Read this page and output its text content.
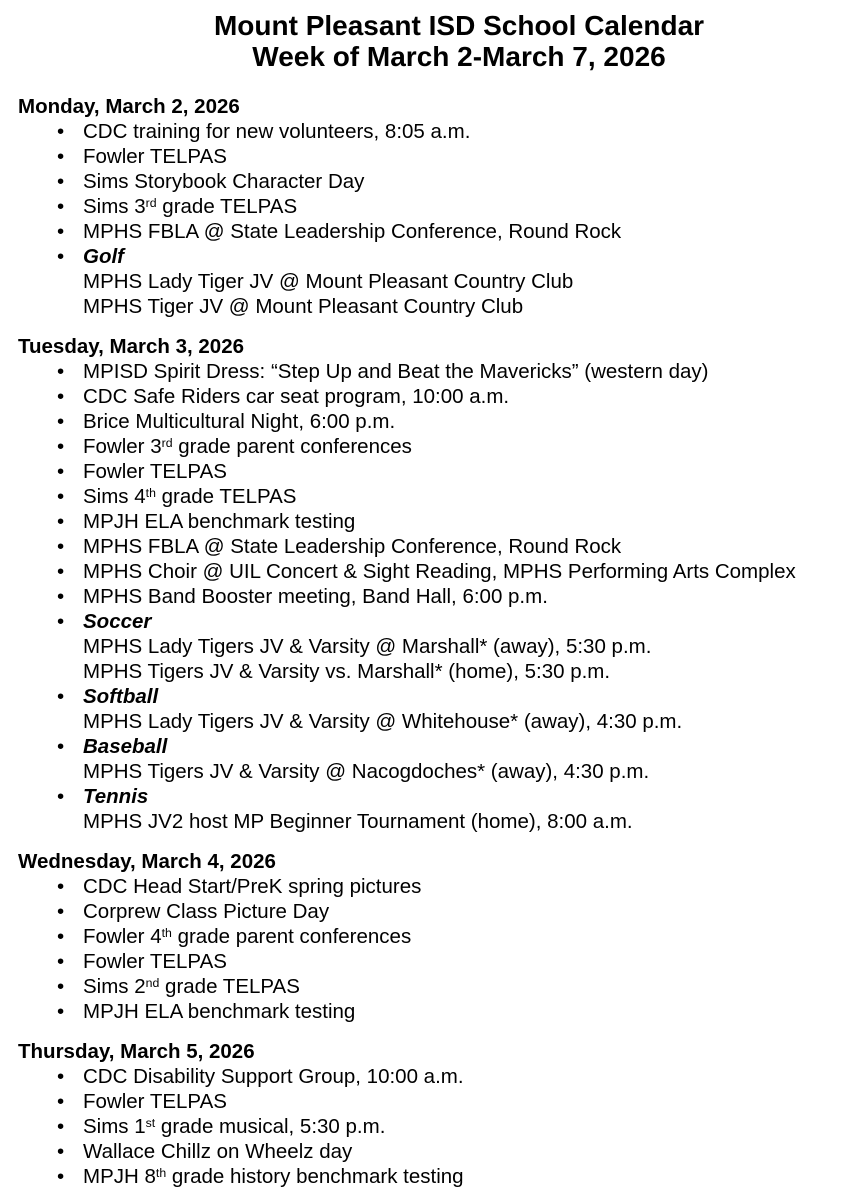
Mount Pleasant ISD School Calendar
Week of March 2-March 7, 2026
Monday, March 2, 2026
• CDC training for new volunteers, 8:05 a.m.
• Fowler TELPAS
• Sims Storybook Character Day
• Sims 3rd grade TELPAS
• MPHS FBLA @ State Leadership Conference, Round Rock
• Golf
MPHS Lady Tiger JV @ Mount Pleasant Country Club
MPHS Tiger JV @ Mount Pleasant Country Club
Tuesday, March 3, 2026
• MPISD Spirit Dress: “Step Up and Beat the Mavericks” (western day)
• CDC Safe Riders car seat program, 10:00 a.m.
• Brice Multicultural Night, 6:00 p.m.
• Fowler 3rd grade parent conferences
• Fowler TELPAS
• Sims 4th grade TELPAS
• MPJH ELA benchmark testing
• MPHS FBLA @ State Leadership Conference, Round Rock
• MPHS Choir @ UIL Concert & Sight Reading, MPHS Performing Arts Complex
• MPHS Band Booster meeting, Band Hall, 6:00 p.m.
• Soccer
MPHS Lady Tigers JV & Varsity @ Marshall* (away), 5:30 p.m.
MPHS Tigers JV & Varsity vs. Marshall* (home), 5:30 p.m.
• Softball
MPHS Lady Tigers JV & Varsity @ Whitehouse* (away), 4:30 p.m.
• Baseball
MPHS Tigers JV & Varsity @ Nacogdoches* (away), 4:30 p.m.
• Tennis
MPHS JV2 host MP Beginner Tournament (home), 8:00 a.m.
Wednesday, March 4, 2026
• CDC Head Start/PreK spring pictures
• Corprew Class Picture Day
• Fowler 4th grade parent conferences
• Fowler TELPAS
• Sims 2nd grade TELPAS
• MPJH ELA benchmark testing
Thursday, March 5, 2026
• CDC Disability Support Group, 10:00 a.m.
• Fowler TELPAS
• Sims 1st grade musical, 5:30 p.m.
• Wallace Chillz on Wheelz day
• MPJH 8th grade history benchmark testing
